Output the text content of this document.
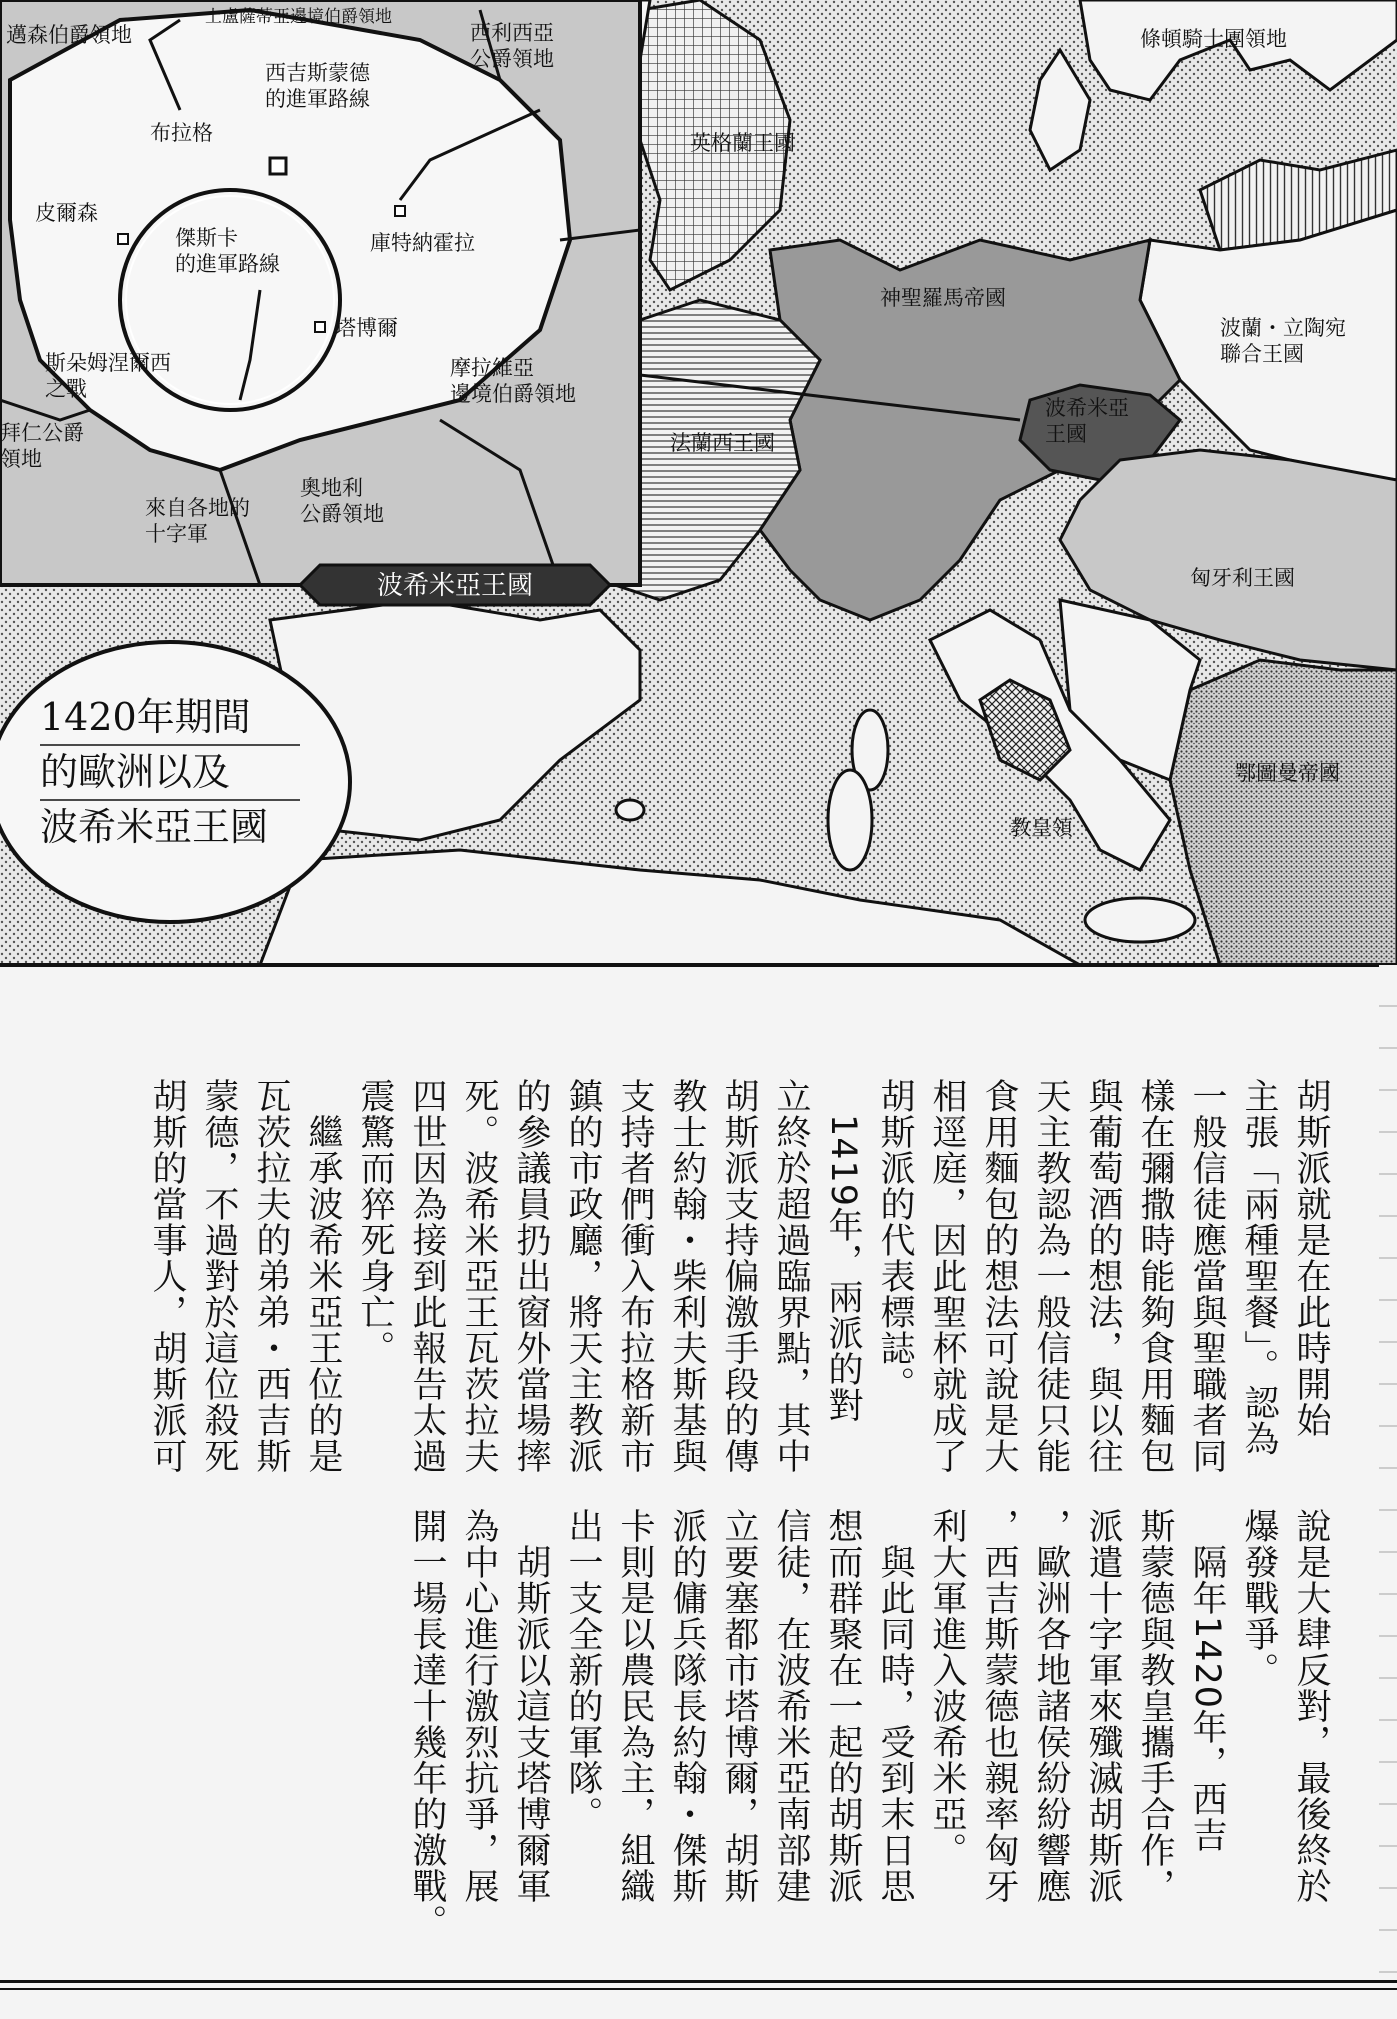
波希米亞王國
1420年期間
的歐洲以及
波希米亞王國
邁森伯爵領地
上盧薩蒂亞邊境伯爵領地
西利西亞
公爵領地
條頓騎士團領地
英格蘭王國
神聖羅馬帝國
波蘭・立陶宛
聯合王國
波希米亞
王國
法蘭西王國
匈牙利王國
鄂圖曼帝國
教皇領
摩拉維亞
邊境伯爵領地
奧地利
公爵領地
拜仁公爵
領地
西吉斯蒙德
的進軍路線
布拉格
皮爾森
庫特納霍拉
傑斯卡
的進軍路線
塔博爾
斯朵姆涅爾西
之戰
來自各地的
十字軍
胡斯派就是在此時開始
主張「兩種聖餐」。認為
一般信徒應當與聖職者同
樣在彌撒時能夠食用麵包
與葡萄酒的想法，與以往
天主教認為一般信徒只能
食用麵包的想法可說是大
相逕庭，因此聖杯就成了
胡斯派的代表標誌。
　1419年，兩派的對
立終於超過臨界點，其中
胡斯派支持偏激手段的傳
教士約翰・柴利夫斯基與
支持者們衝入布拉格新市
鎮的市政廳，將天主教派
的參議員扔出窗外當場摔
死。波希米亞王瓦茨拉夫
四世因為接到此報告太過
震驚而猝死身亡。
　繼承波希米亞王位的是
瓦茨拉夫的弟弟・西吉斯
蒙德，不過對於這位殺死
胡斯的當事人，胡斯派可
說是大肆反對，最後終於
爆發戰爭。
　隔年1420年，西吉
斯蒙德與教皇攜手合作，
派遣十字軍來殲滅胡斯派
，歐洲各地諸侯紛紛響應
，西吉斯蒙德也親率匈牙
利大軍進入波希米亞。
　與此同時，受到末日思
想而群聚在一起的胡斯派
信徒，在波希米亞南部建
立要塞都市塔博爾，胡斯
派的傭兵隊長約翰・傑斯
卡則是以農民為主，組織
出一支全新的軍隊。
　胡斯派以這支塔博爾軍
為中心進行激烈抗爭，展
開一場長達十幾年的激戰。
